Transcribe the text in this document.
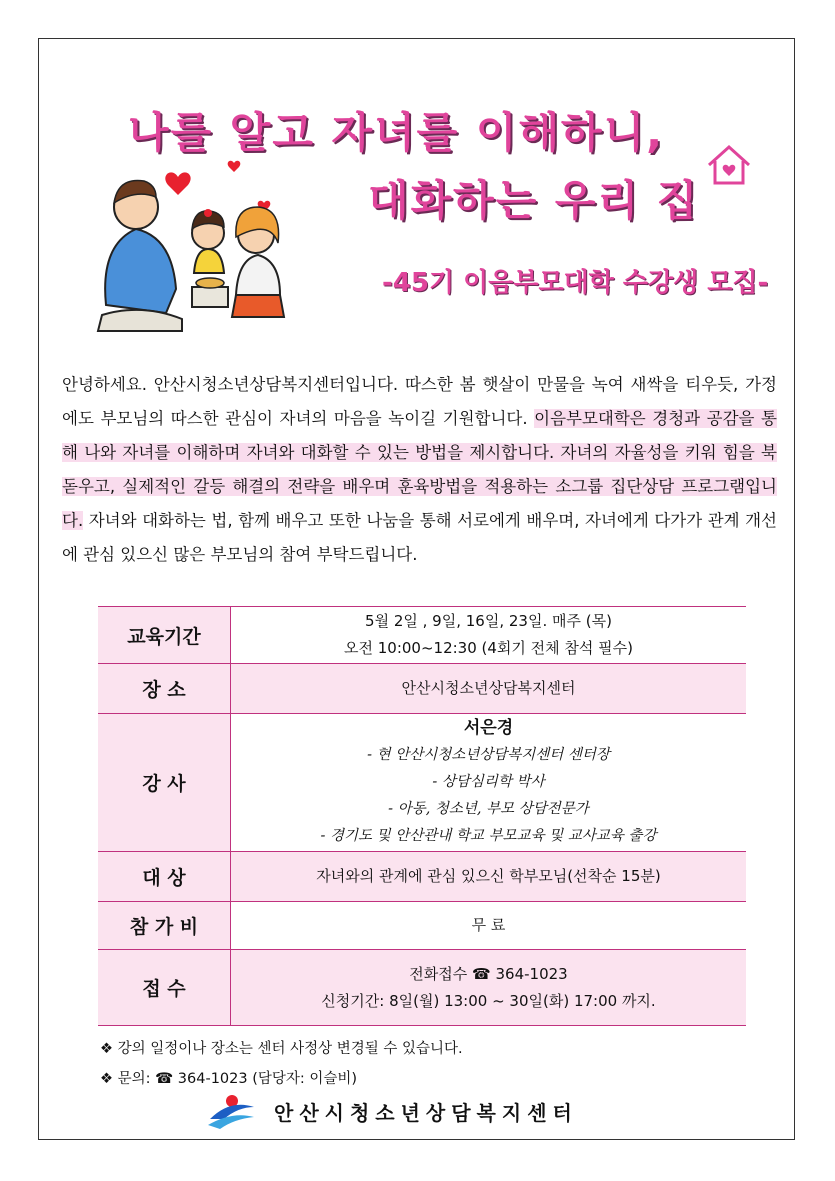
나를 알고 자녀를 이해하니,
대화하는 우리 집
-45기 이음부모대학 수강생 모집-
안녕하세요. 안산시청소년상담복지센터입니다. 따스한 봄 햇살이 만물을 녹여 새싹을 티우듯, 가정에도 부모님의 따스한 관심이 자녀의 마음을 녹이길 기원합니다. 이음부모대학은 경청과 공감을 통해 나와 자녀를 이해하며 자녀와 대화할 수 있는 방법을 제시합니다. 자녀의 자율성을 키워 힘을 북돋우고, 실제적인 갈등 해결의 전략을 배우며 훈육방법을 적용하는 소그룹 집단상담 프로그램입니다. 자녀와 대화하는 법, 함께 배우고 또한 나눔을 통해 서로에게 배우며, 자녀에게 다가가 관계 개선에 관심 있으신 많은 부모님의 참여 부탁드립니다.
교육기간	5월 2일 , 9일, 16일, 23일. 매주 (목)
오전 10:00~12:30 (4회기 전체 참석 필수)

장 소	안산시청소년상담복지센터
강 사	서은경
- 현 안산시청소년상담복지센터 센터장
- 상담심리학 박사
- 아동, 청소년, 부모 상담전문가
- 경기도 및 안산관내 학교 부모교육 및 교사교육 출강

대 상	자녀와의 관계에 관심 있으신 학부모님(선착순 15분)
참 가 비	무 료
접 수	전화접수 ☎ 364-1023
신청기간: 8일(월) 13:00 ~ 30일(화) 17:00 까지.
❖ 강의 일정이나 장소는 센터 사정상 변경될 수 있습니다.
❖ 문의: ☎ 364-1023 (담당자: 이슬비)
안산시청소년상담복지센터
